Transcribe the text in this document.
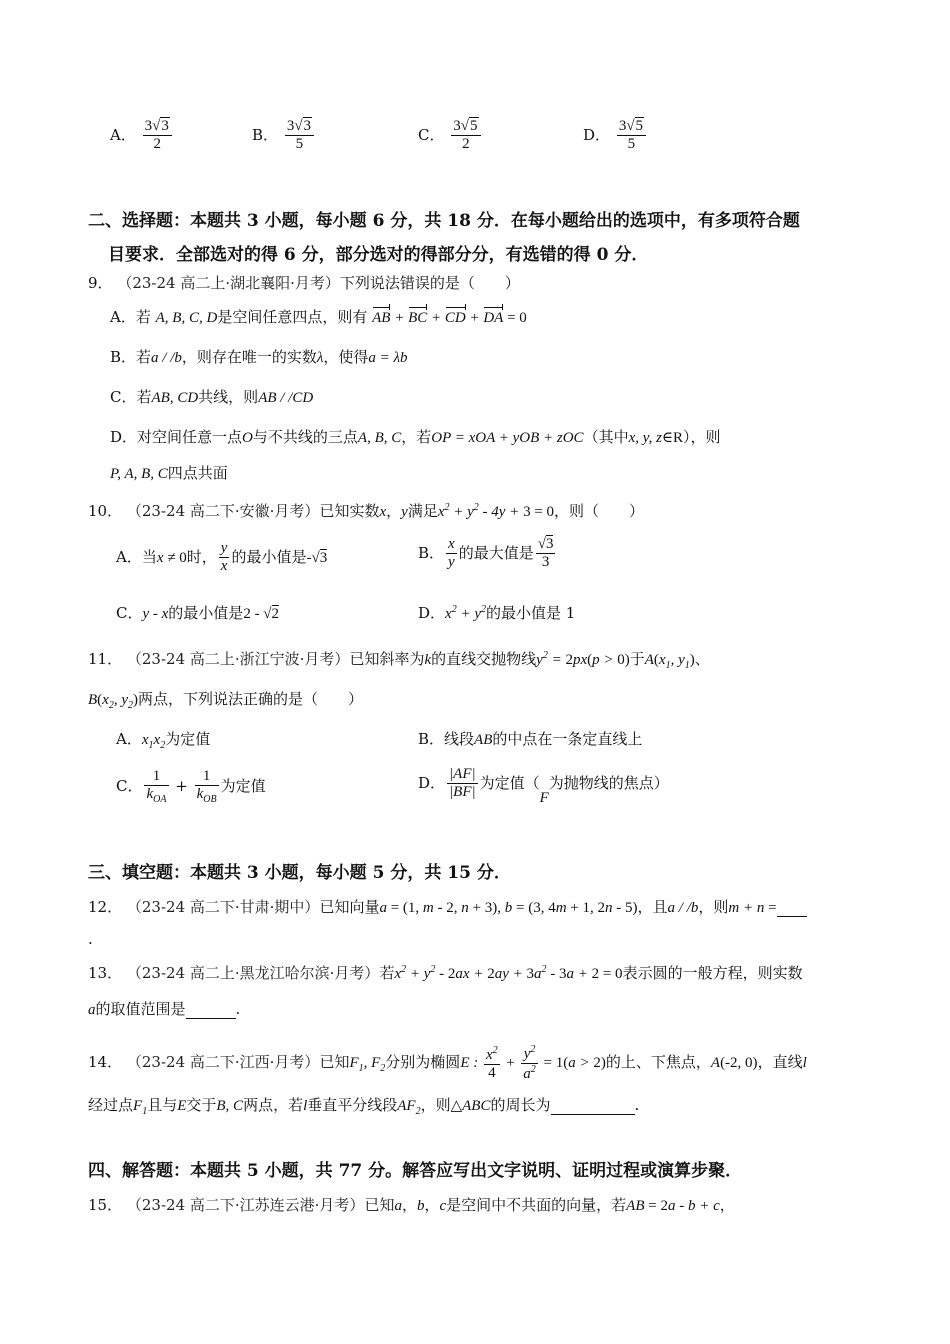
A． $\frac{3√3}{2}$	B． $\frac{3√3}{5}$	C． $\frac{3√5}{2}$	D． $\frac{3√5}{5}$
二、选择题：本题共 3 小题，每小题 6 分，共 18 分．在每小题给出的选项中，有多项符合题
目要求．全部选对的得 6 分，部分选对的得部分分，有选错的得 0 分．
9． （23-24 高二上·湖北襄阳·月考）下列说法错误的是（　　）
A．若 A, B, C, D是空间任意四点，则有 AB + BC + CD + DA = 0
B．若a / /b，则存在唯一的实数λ，使得a = λb
C．若AB, CD共线，则AB / /CD
D．对空间任意一点O与不共线的三点A, B, C，若OP = xOA + yOB + zOC（其中x, y, z∈R），则
P, A, B, C四点共面
10． （23-24 高二下·安徽·月考）已知实数x，y满足$x^2 + y^2 - 4y + 3 = 0$，则（　　）
A．当x ≠ 0时， $\frac{y}{x}$ 的最小值是-√3	B． $\frac{x}{y}$ 的最大值是 $\frac{√3}{3}$
C．y - x的最小值是2 - √2	D．$x^2 + y^2$的最小值是 1
11． （23-24 高二上·浙江宁波·月考）已知斜率为k的直线交抛物线$y^2 = 2px(p > 0)$于$A(x_1$, $y_1$)、
$B(x_2$, $y_2$)两点，下列说法正确的是（　　）
A．$x_1x_2$为定值	B．线段AB的中点在一条定直线上
C． $\frac{1}{k_{OA}} + \frac{1}{k_{OB}}$ 为定值	D． $\frac{|AF|}{|BF|}$ 为定值（F为抛物线的焦点）
三、填空题：本题共 3 小题，每小题 5 分，共 15 分．
12． （23-24 高二下·甘肃·期中）已知向量a = (1, m - 2, n + 3), b = (3, 4m + 1, 2n - 5)，且a / /b，则m + n =
.
13． （23-24 高二上·黑龙江哈尔滨·月考）若$x^2 + y^2 - 2ax + 2ay + 3a^2 - 3a + 2 = 0$表示圆的一般方程，则实数
a的取值范围是	.
14． （23-24 高二下·江西·月考）已知$F_1$, $F_2$分别为椭圆E : $\frac{x^2}{4} + \frac{y^2}{a^2} = 1(a > 2)$的上、下焦点，A(-2, 0)，直线l
经过点$F_1$且与E交于B, C两点，若l垂直平分线段$AF_2$，则△ABC的周长为	.
四、解答题：本题共 5 小题，共 77 分。解答应写出文字说明、证明过程或演算步聚．
15． （23-24 高二下·江苏连云港·月考）已知a，b，c是空间中不共面的向量，若AB = 2a - b + c，
